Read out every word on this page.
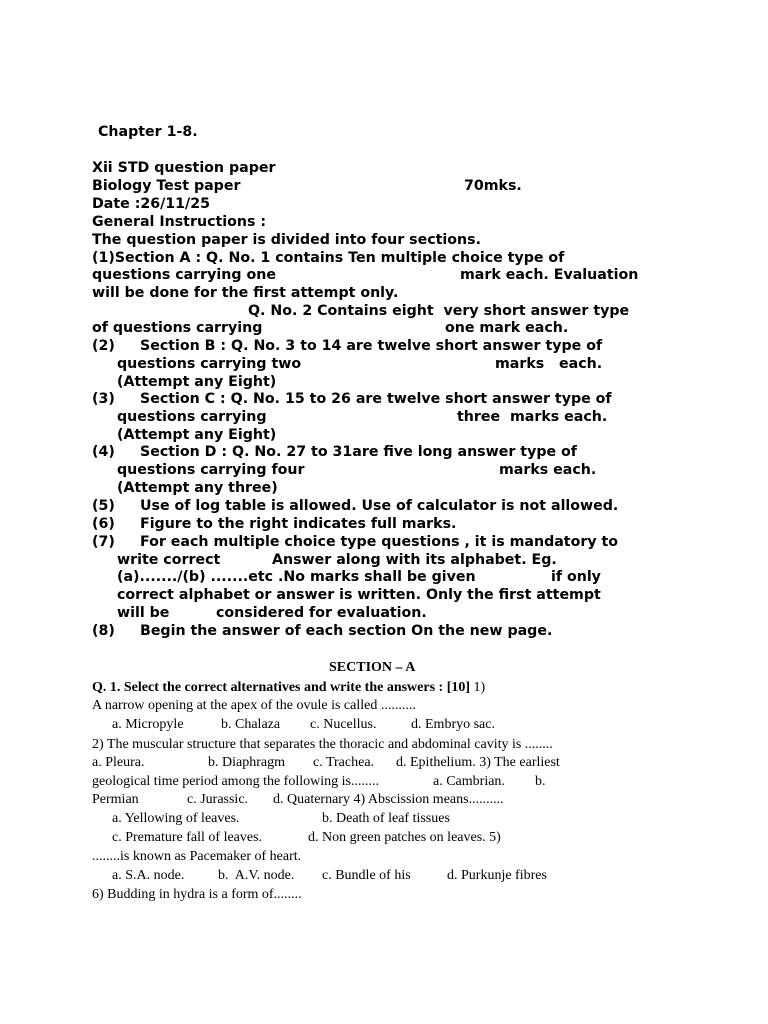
Chapter 1-8.
Xii STD question paper
Biology Test paper	70mks.
Date :26/11/25
General Instructions :
The question paper is divided into four sections.
(1)Section A : Q. No. 1 contains Ten multiple choice type of
questions carrying one	mark each. Evaluation
will be done for the first attempt only.
Q. No. 2 Contains eight  very short answer type
of questions carrying	one mark each.
(2) Section B : Q. No. 3 to 14 are twelve short answer type of
questions carrying two	marks   each.
(Attempt any Eight)
(3) Section C : Q. No. 15 to 26 are twelve short answer type of
questions carrying	three  marks each.
(Attempt any Eight)
(4) Section D : Q. No. 27 to 31are five long answer type of
questions carrying four	marks each.
(Attempt any three)
(5) Use of log table is allowed. Use of calculator is not allowed.
(6) Figure to the right indicates full marks.
(7) For each multiple choice type questions , it is mandatory to
write correct	Answer along with its alphabet. Eg.
(a)......./(b) .......etc .No marks shall be given	if only
correct alphabet or answer is written. Only the first attempt
will be	considered for evaluation.
(8) Begin the answer of each section On the new page.
SECTION – A
Q. 1. Select the correct alternatives and write the answers : [10] 1)
A narrow opening at the apex of the ovule is called ..........
a. Micropyle	b. Chalaza c. Nucellus. d. Embryo sac.
2) The muscular structure that separates the thoracic and abdominal cavity is ........
a. Pleura.	b. Diaphragm c. Trachea. d. Epithelium. 3) The earliest
geological time period among the following is........	a. Cambrian. b.
Permian	c. Jurassic. d. Quaternary 4) Abscission means..........
a. Yellowing of leaves.	b. Death of leaf tissues
c. Premature fall of leaves.	d. Non green patches on leaves. 5)
........is known as Pacemaker of heart.
a. S.A. node. b.  A.V. node. c. Bundle of his	d. Purkunje fibres
6) Budding in hydra is a form of........
